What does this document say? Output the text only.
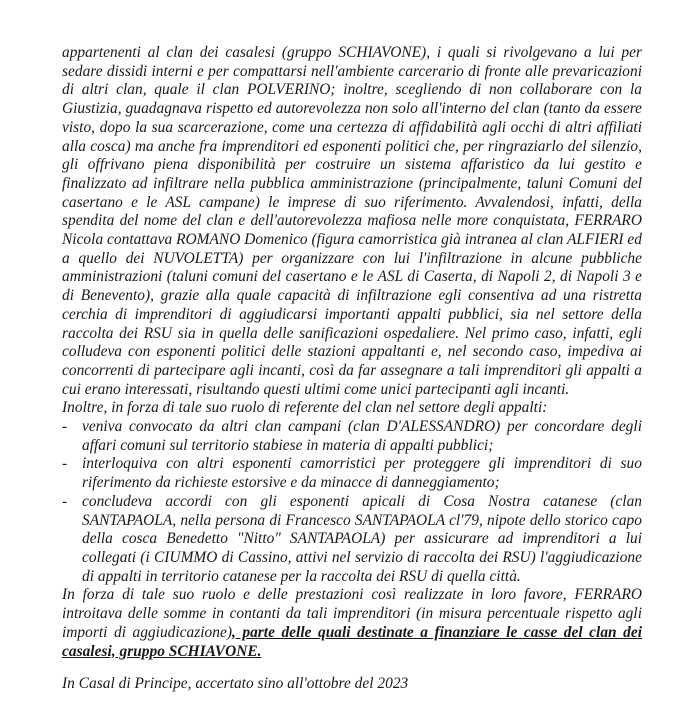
appartenenti al clan dei casalesi (gruppo SCHIAVONE), i quali si rivolgevano a lui per sedare dissidi interni e per compattarsi nell'ambiente carcerario di fronte alle prevaricazioni di altri clan, quale il clan POLVERINO; inoltre, scegliendo di non collaborare con la Giustizia, guadagnava rispetto ed autorevolezza non solo all'interno del clan (tanto da essere visto, dopo la sua scarcerazione, come una certezza di affidabilità agli occhi di altri affiliati alla cosca) ma anche fra imprenditori ed esponenti politici che, per ringraziarlo del silenzio, gli offrivano piena disponibilità per costruire un sistema affaristico da lui gestito e finalizzato ad infiltrare nella pubblica amministrazione (principalmente, taluni Comuni del casertano e le ASL campane) le imprese di suo riferimento. Avvalendosi, infatti, della spendita del nome del clan e dell'autorevolezza mafiosa nelle more conquistata, FERRARO Nicola contattava ROMANO Domenico (figura camorristica già intranea al clan ALFIERI ed a quello dei NUVOLETTA) per organizzare con lui l'infiltrazione in alcune pubbliche amministrazioni (taluni comuni del casertano e le ASL di Caserta, di Napoli 2, di Napoli 3 e di Benevento), grazie alla quale capacità di infiltrazione egli consentiva ad una ristretta cerchia di imprenditori di aggiudicarsi importanti appalti pubblici, sia nel settore della raccolta dei RSU sia in quella delle sanificazioni ospedaliere. Nel primo caso, infatti, egli colludeva con esponenti politici delle stazioni appaltanti e, nel secondo caso, impediva ai concorrenti di partecipare agli incanti, così da far assegnare a tali imprenditori gli appalti a cui erano interessati, risultando questi ultimi come unici partecipanti agli incanti.

Inoltre, in forza di tale suo ruolo di referente del clan nel settore degli appalti:

- veniva convocato da altri clan campani (clan D'ALESSANDRO) per concordare degli affari comuni sul territorio stabiese in materia di appalti pubblici;
- interloquiva con altri esponenti camorristici per proteggere gli imprenditori di suo riferimento da richieste estorsive e da minacce di danneggiamento;
- concludeva accordi con gli esponenti apicali di Cosa Nostra catanese (clan SANTAPAOLA, nella persona di Francesco SANTAPAOLA cl'79, nipote dello storico capo della cosca Benedetto "Nitto" SANTAPAOLA) per assicurare ad imprenditori a lui collegati (i CIUMMO di Cassino, attivi nel servizio di raccolta dei RSU) l'aggiudicazione di appalti in territorio catanese per la raccolta dei RSU di quella città.

In forza di tale suo ruolo e delle prestazioni così realizzate in loro favore, FERRARO introitava delle somme in contanti da tali imprenditori (in misura percentuale rispetto agli importi di aggiudicazione), parte delle quali destinate a finanziare le casse del clan dei casalesi, gruppo SCHIAVONE.

In Casal di Principe, accertato sino all'ottobre del 2023
